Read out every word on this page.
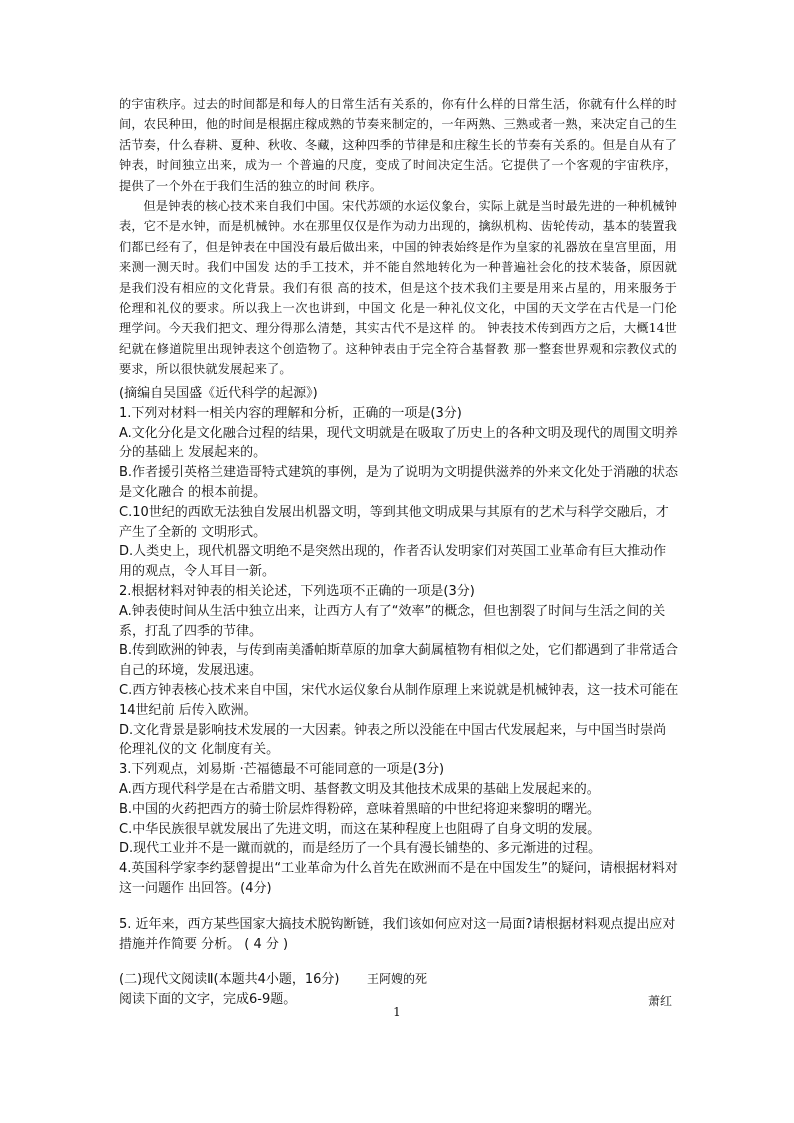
的宇宙秩序。过去的时间都是和每人的日常生活有关系的，你有什么样的日常生活，你就有什么样的时间，农民种田，他的时间是根据庄稼成熟的节奏来制定的，一年两熟、三熟或者一熟，来决定自己的生活节奏，什么春耕、夏种、秋收、冬藏，这种四季的节律是和庄稼生长的节奏有关系的。但是自从有了钟表，时间独立出来，成为一 个普遍的尺度，变成了时间决定生活。它提供了一个客观的宇宙秩序，提供了一个外在于我们生活的独立的时间 秩序。

但是钟表的核心技术来自我们中国。宋代苏颂的水运仪象台，实际上就是当时最先进的一种机械钟表，它不是水钟，而是机械钟。水在那里仅仅是作为动力出现的，擒纵机构、齿轮传动，基本的装置我们都已经有了，但是钟表在中国没有最后做出来，中国的钟表始终是作为皇家的礼器放在皇宫里面，用来测一测天时。我们中国发 达的手工技术，并不能自然地转化为一种普遍社会化的技术装备，原因就是我们没有相应的文化背景。我们有很 高的技术，但是这个技术我们主要是用来占星的，用来服务于伦理和礼仪的要求。所以我上一次也讲到，中国文 化是一种礼仪文化，中国的天文学在古代是一门伦理学问。今天我们把文、理分得那么清楚，其实古代不是这样 的。 钟表技术传到西方之后，大概14世纪就在修道院里出现钟表这个创造物了。这种钟表由于完全符合基督教 那一整套世界观和宗教仪式的要求，所以很快就发展起来了。

(摘编自吴国盛《近代科学的起源》)
1.下列对材料一相关内容的理解和分析，正确的一项是(3分)
A.文化分化是文化融合过程的结果，现代文明就是在吸取了历史上的各种文明及现代的周围文明养分的基础上 发展起来的。
B.作者援引英格兰建造哥特式建筑的事例，是为了说明为文明提供滋养的外来文化处于消融的状态是文化融合 的根本前提。
C.10世纪的西欧无法独自发展出机器文明，等到其他文明成果与其原有的艺术与科学交融后，才产生了全新的 文明形式。
D.人类史上，现代机器文明绝不是突然出现的，作者否认发明家们对英国工业革命有巨大推动作用的观点，令人耳目一新。
2.根据材料对钟表的相关论述，下列选项不正确的一项是(3分)
A.钟表使时间从生活中独立出来，让西方人有了“效率”的概念，但也割裂了时间与生活之间的关系，打乱了四季的节律。
B.传到欧洲的钟表，与传到南美潘帕斯草原的加拿大蓟属植物有相似之处，它们都遇到了非常适合自己的环境，发展迅速。
C.西方钟表核心技术来自中国，宋代水运仪象台从制作原理上来说就是机械钟表，这一技术可能在14世纪前 后传入欧洲。
D.文化背景是影响技术发展的一大因素。钟表之所以没能在中国古代发展起来，与中国当时崇尚伦理礼仪的文 化制度有关。
3.下列观点，刘易斯 ·芒福德最不可能同意的一项是(3分)
A.西方现代科学是在古希腊文明、基督教文明及其他技术成果的基础上发展起来的。
B.中国的火药把西方的骑士阶层炸得粉碎，意味着黑暗的中世纪将迎来黎明的曙光。
C.中华民族很早就发展出了先进文明，而这在某种程度上也阻碍了自身文明的发展。
D.现代工业并不是一蹴而就的，而是经历了一个具有漫长铺垫的、多元渐进的过程。
4.英国科学家李约瑟曾提出“工业革命为什么首先在欧洲而不是在中国发生”的疑问，请根据材料对这一问题作 出回答。(4分)
5. 近年来，西方某些国家大搞技术脱钩断链，我们该如何应对这一局面?请根据材料观点提出应对措施并作简要 分析。 ( 4 分 )
(二)现代文阅读Ⅱ(本题共4小题，16分)
阅读下面的文字，完成6-9题。
王阿嫂的死
萧红
1
